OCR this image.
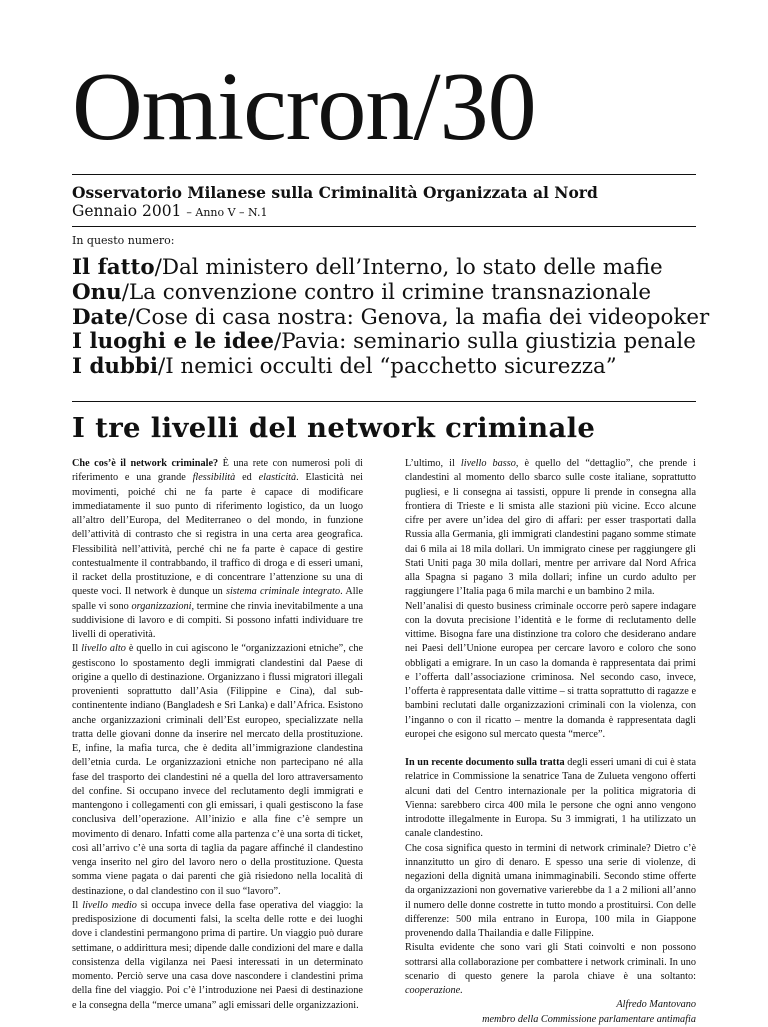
Omicron/30

Osservatorio Milanese sulla Criminalità Organizzata al Nord

Gennaio 2001 – Anno V – N.1

In questo numero:
Il fatto/Dal ministero dell’Interno, lo stato delle mafie
Onu/La convenzione contro il crimine transnazionale
Date/Cose di casa nostra: Genova, la mafia dei videopoker
I luoghi e le idee/Pavia: seminario sulla giustizia penale
I dubbi/I nemici occulti del “pacchetto sicurezza”
I tre livelli del network criminale

Che cos’è il network criminale? È una rete con numerosi poli di riferimento e una grande flessibilità ed elasticità. Elasticità nei movimenti, poiché chi ne fa parte è capace di modificare immediatamente il suo punto di riferimento logistico, da un luogo all’altro dell’Europa, del Mediterraneo o del mondo, in funzione dell’attività di contrasto che si registra in una certa area geografica. Flessibilità nell’attività, perché chi ne fa parte è capace di gestire contestualmente il contrabbando, il traffico di droga e di esseri umani, il racket della prostituzione, e di concentrare l’attenzione su una di queste voci. Il network è dunque un sistema criminale integrato. Alle spalle vi sono organizzazioni, termine che rinvia inevitabilmente a una suddivisione di lavoro e di compiti. Si possono infatti individuare tre livelli di operatività.

Il livello alto è quello in cui agiscono le “organizzazioni etniche”, che gestiscono lo spostamento degli immigrati clandestini dal Paese di origine a quello di destinazione. Organizzano i flussi migratori illegali provenienti soprattutto dall’Asia (Filippine e Cina), dal sub-continentente indiano (Bangladesh e Srì Lanka) e dall’Africa. Esistono anche organizzazioni criminali dell’Est europeo, specializzate nella tratta delle giovani donne da inserire nel mercato della prostituzione. E, infine, la mafia turca, che è dedita all’immigrazione clandestina dell’etnia curda. Le organizzazioni etniche non partecipano né alla fase del trasporto dei clandestini né a quella del loro attraversamento del confine. Si occupano invece del reclutamento degli immigrati e mantengono i collegamenti con gli emissari, i quali gestiscono la fase conclusiva dell’operazione. All’inizio e alla fine c’è sempre un movimento di denaro. Infatti come alla partenza c’è una sorta di ticket, così all’arrivo c’è una sorta di taglia da pagare affinché il clandestino venga inserito nel giro del lavoro nero o della prostituzione. Questa somma viene pagata o dai parenti che già risiedono nella località di destinazione, o dal clandestino con il suo “lavoro”.

Il livello medio si occupa invece della fase operativa del viaggio: la predisposizione di documenti falsi, la scelta delle rotte e dei luoghi dove i clandestini permangono prima di partire. Un viaggio può durare settimane, o addirittura mesi; dipende dalle condizioni del mare e dalla consistenza della vigilanza nei Paesi interessati in un determinato momento. Perciò serve una casa dove nascondere i clandestini prima della fine del viaggio. Poi c’è l’introduzione nei Paesi di destinazione e la consegna della “merce umana” agli emissari delle organizzazioni.

L’ultimo, il livello basso, è quello del “dettaglio”, che prende i clandestini al momento dello sbarco sulle coste italiane, soprattutto pugliesi, e li consegna ai tassisti, oppure li prende in consegna alla frontiera di Trieste e li smista alle stazioni più vicine. Ecco alcune cifre per avere un’idea del giro di affari: per esser trasportati dalla Russia alla Germania, gli immigrati clandestini pagano somme stimate dai 6 mila ai 18 mila dollari. Un immigrato cinese per raggiungere gli Stati Uniti paga 30 mila dollari, mentre per arrivare dal Nord Africa alla Spagna si pagano 3 mila dollari; infine un curdo adulto per raggiungere l’Italia paga 6 mila marchi e un bambino 2 mila.

Nell’analisi di questo business criminale occorre però sapere indagare con la dovuta precisione l’identità e le forme di reclutamento delle vittime. Bisogna fare una distinzione tra coloro che desiderano andare nei Paesi dell’Unione europea per cercare lavoro e coloro che sono obbligati a emigrare. In un caso la domanda è rappresentata dai primi e l’offerta dall’associazione criminosa. Nel secondo caso, invece, l’offerta è rappresentata dalle vittime – si tratta soprattutto di ragazze e bambini reclutati dalle organizzazioni criminali con la violenza, con l’inganno o con il ricatto – mentre la domanda è rappresentata dagli europei che esigono sul mercato questa “merce”.

In un recente documento sulla tratta degli esseri umani di cui è stata relatrice in Commissione la senatrice Tana de Zulueta vengono offerti alcuni dati del Centro internazionale per la politica migratoria di Vienna: sarebbero circa 400 mila le persone che ogni anno vengono introdotte illegalmente in Europa. Su 3 immigrati, 1 ha utilizzato un canale clandestino.

Che cosa significa questo in termini di network criminale? Dietro c’è innanzitutto un giro di denaro. E spesso una serie di violenze, di negazioni della dignità umana inimmaginabili. Secondo stime offerte da organizzazioni non governative varierebbe da 1 a 2 milioni all’anno il numero delle donne costrette in tutto mondo a prostituirsi. Con delle differenze: 500 mila entrano in Europa, 100 mila in Giappone provenendo dalla Thailandia e dalle Filippine.

Risulta evidente che sono vari gli Stati coinvolti e non possono sottrarsi alla collaborazione per combattere i network criminali. In uno scenario di questo genere la parola chiave è una soltanto: cooperazione.

Alfredo Mantovano

membro della Commissione parlamentare antimafia
